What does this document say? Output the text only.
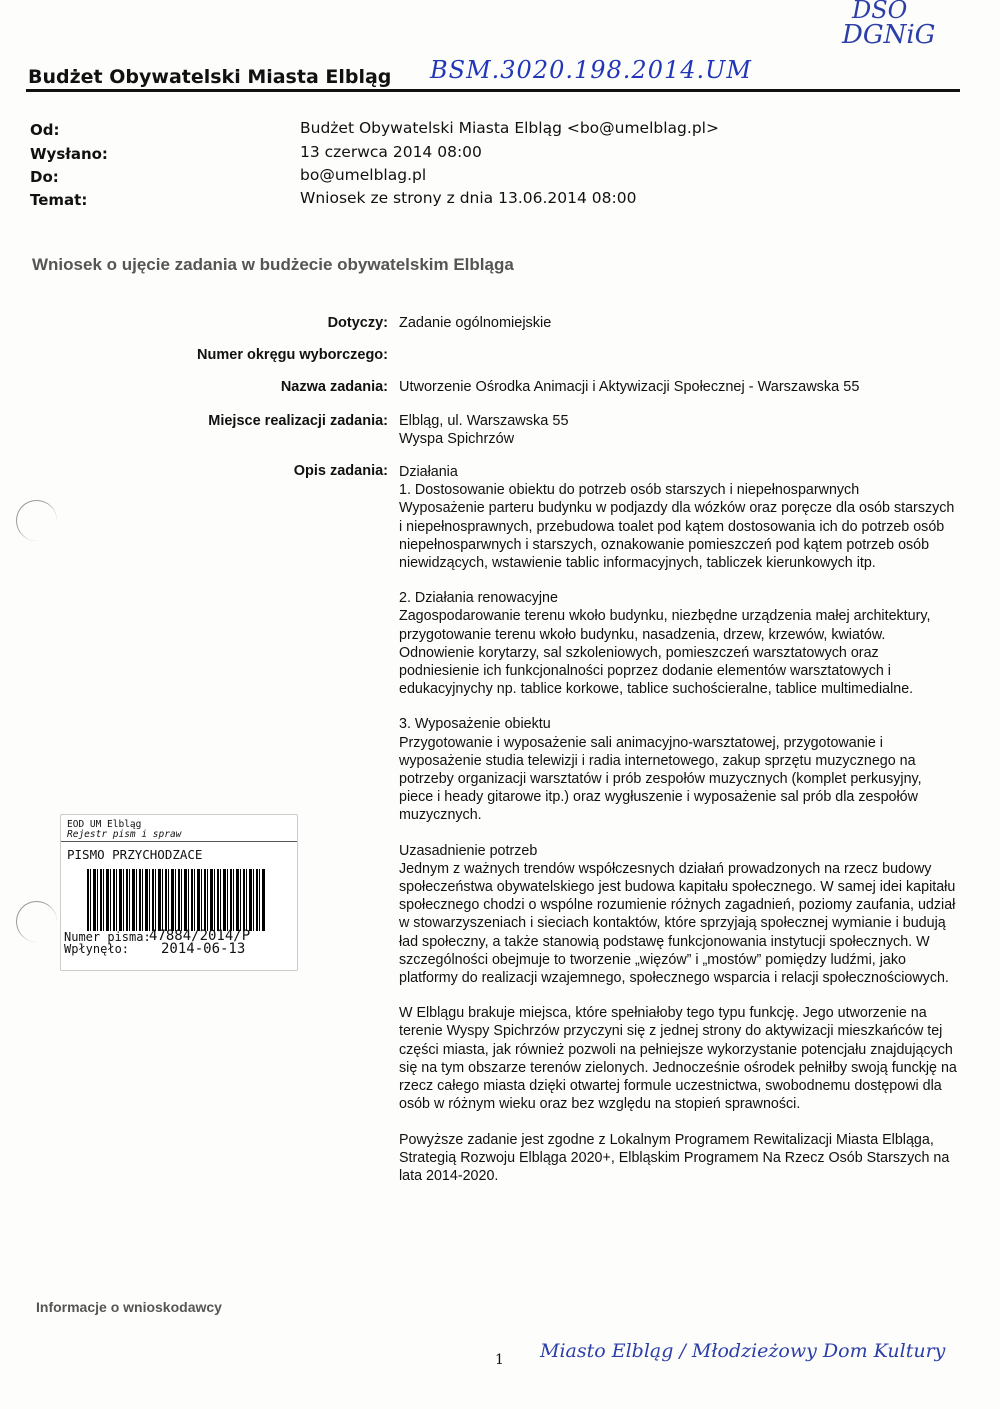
DSO
DGNiG
BSM.3020.198.2014.UM
Budżet Obywatelski Miasta Elbląg
Od:	Budżet Obywatelski Miasta Elbląg <bo@umelblag.pl>
Wysłano:	13 czerwca 2014 08:00
Do:	bo@umelblag.pl
Temat:	Wniosek ze strony z dnia 13.06.2014 08:00
Wniosek o ujęcie zadania w budżecie obywatelskim Elbląga
Dotyczy: Zadanie ogólnomiejskie
Numer okręgu wyborczego:
Nazwa zadania: Utworzenie Ośrodka Animacji i Aktywizacji Społecznej - Warszawska 55
Miejsce realizacji zadania: Elbląg, ul. Warszawska 55
Wyspa Spichrzów
Opis zadania: Działania
1. Dostosowanie obiektu do potrzeb osób starszych i niepełnosparwnych
Wyposażenie parteru budynku w podjazdy dla wózków oraz poręcze dla osób starszych i niepełnosprawnych, przebudowa toalet pod kątem dostosowania ich do potrzeb osób niepełnosparwnych i starszych, oznakowanie pomieszczeń pod kątem potrzeb osób niewidzących, wstawienie tablic informacyjnych, tabliczek kierunkowych itp.

2. Działania renowacyjne
Zagospodarowanie terenu wkoło budynku, niezbędne urządzenia małej architektury, przygotowanie terenu wkoło budynku, nasadzenia, drzew, krzewów, kwiatów. Odnowienie korytarzy, sal szkoleniowych, pomieszczeń warsztatowych oraz podniesienie ich funkcjonalności poprzez dodanie elementów warsztatowych i edukacyjnychy np. tablice korkowe, tablice suchościeralne, tablice multimedialne.

3. Wyposażenie obiektu
Przygotowanie i wyposażenie sali animacyjno-warsztatowej, przygotowanie i wyposażenie studia telewizji i radia internetowego, zakup sprzętu muzycznego na potrzeby organizacji warsztatów i prób zespołów muzycznych (komplet perkusyjny, piece i heady gitarowe itp.) oraz wygłuszenie i wyposażenie sal prób dla zespołów muzycznych.

Uzasadnienie potrzeb
Jednym z ważnych trendów współczesnych działań prowadzonych na rzecz budowy społeczeństwa obywatelskiego jest budowa kapitału społecznego. W samej idei kapitału społecznego chodzi o wspólne rozumienie różnych zagadnień, poziomy zaufania, udział w stowarzyszeniach i sieciach kontaktów, które sprzyjają społecznej wymianie i budują ład społeczny, a także stanowią podstawę funkcjonowania instytucji społecznych. W szczególności obejmuje to tworzenie „więzów” i „mostów” pomiędzy ludźmi, jako platformy do realizacji wzajemnego, społecznego wsparcia i relacji społecznościowych.

W Elblągu brakuje miejsca, które spełniałoby tego typu funkcję. Jego utworzenie na terenie Wyspy Spichrzów przyczyni się z jednej strony do aktywizacji mieszkańców tej części miasta, jak również pozwoli na pełniejsze wykorzystanie potencjału znajdujących się na tym obszarze terenów zielonych. Jednocześnie ośrodek pełniłby swoją funckję na rzecz całego miasta dzięki otwartej formule uczestnictwa, swobodnemu dostępowi dla osób w różnym wieku oraz bez względu na stopień sprawności.

Powyższe zadanie jest zgodne z Lokalnym Programem Rewitalizacji Miasta Elbląga, Strategią Rozwoju Elbląga 2020+, Elbląskim Programem Na Rzecz Osób Starszych na lata 2014-2020.

EOD UM Elbląg
Rejestr pism i spraw
PISMO PRZYCHODZACE
Numer pisma:
47884/2014/P
Wpłynęło: 2014-06-13
Informacje o wnioskodawcy
1 Miasto Elbląg / Młodzieżowy Dom Kultury
